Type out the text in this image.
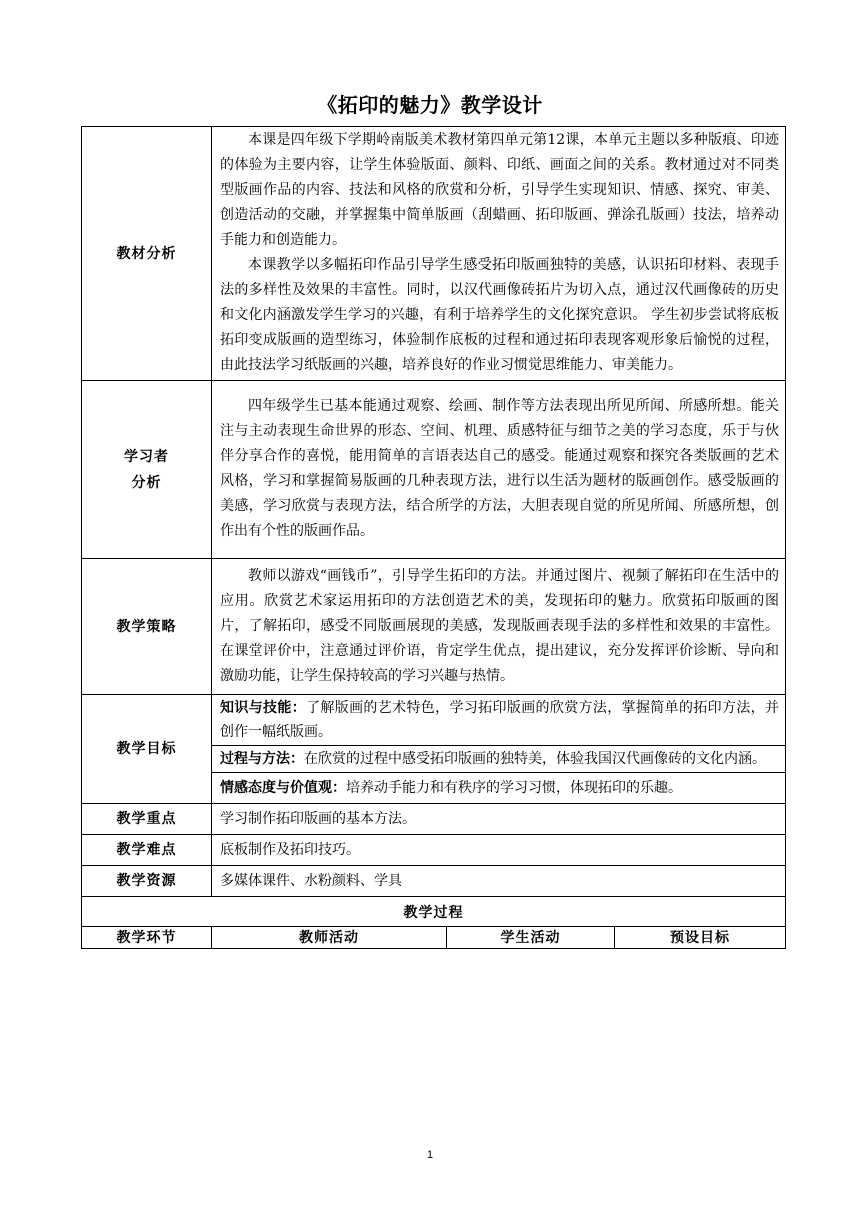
《拓印的魅力》教学设计
教材分析	本课是四年级下学期岭南版美术教材第四单元第12课，本单元主题以多种版痕、印迹的体验为主要内容，让学生体验版面、颜料、印纸、画面之间的关系。教材通过对不同类型版画作品的内容、技法和风格的欣赏和分析，引导学生实现知识、情感、探究、审美、创造活动的交融，并掌握集中简单版画（刮蜡画、拓印版画、弹涂孔版画）技法，培养动手能力和创造能力。
本课教学以多幅拓印作品引导学生感受拓印版画独特的美感，认识拓印材料、表现手法的多样性及效果的丰富性。同时，以汉代画像砖拓片为切入点，通过汉代画像砖的历史和文化内涵激发学生学习的兴趣，有利于培养学生的文化探究意识。 学生初步尝试将底板拓印变成版画的造型练习，体验制作底板的过程和通过拓印表现客观形象后愉悦的过程，由此技法学习纸版画的兴趣，培养良好的作业习惯觉思维能力、审美能力。		

学习者
分析	四年级学生已基本能通过观察、绘画、制作等方法表现出所见所闻、所感所想。能关注与主动表现生命世界的形态、空间、机理、质感特征与细节之美的学习态度，乐于与伙伴分享合作的喜悦，能用简单的言语表达自己的感受。能通过观察和探究各类版画的艺术风格，学习和掌握简易版画的几种表现方法，进行以生活为题材的版画创作。感受版画的美感，学习欣赏与表现方法，结合所学的方法，大胆表现自觉的所见所闻、所感所想，创作出有个性的版画作品。		

教学策略	教师以游戏“画钱币”，引导学生拓印的方法。并通过图片、视频了解拓印在生活中的应用。欣赏艺术家运用拓印的方法创造艺术的美，发现拓印的魅力。欣赏拓印版画的图片，了解拓印，感受不同版画展现的美感，发现版画表现手法的多样性和效果的丰富性。在课堂评价中，注意通过评价语，肯定学生优点，提出建议，充分发挥评价诊断、导向和激励功能，让学生保持较高的学习兴趣与热情。		

教学目标	知识与技能：了解版画的艺术特色，学习拓印版画的欣赏方法，掌握简单的拓印方法，并创作一幅纸版画。		

	过程与方法：在欣赏的过程中感受拓印版画的独特美，体验我国汉代画像砖的文化内涵。		

	情感态度与价值观：培养动手能力和有秩序的学习习惯，体现拓印的乐趣。		

教学重点	学习制作拓印版画的基本方法。		

教学难点	底板制作及拓印技巧。		

教学资源	多媒体课件、水粉颜料、学具		

教学过程			
教学环节	教师活动	学生活动	预设目标
1
